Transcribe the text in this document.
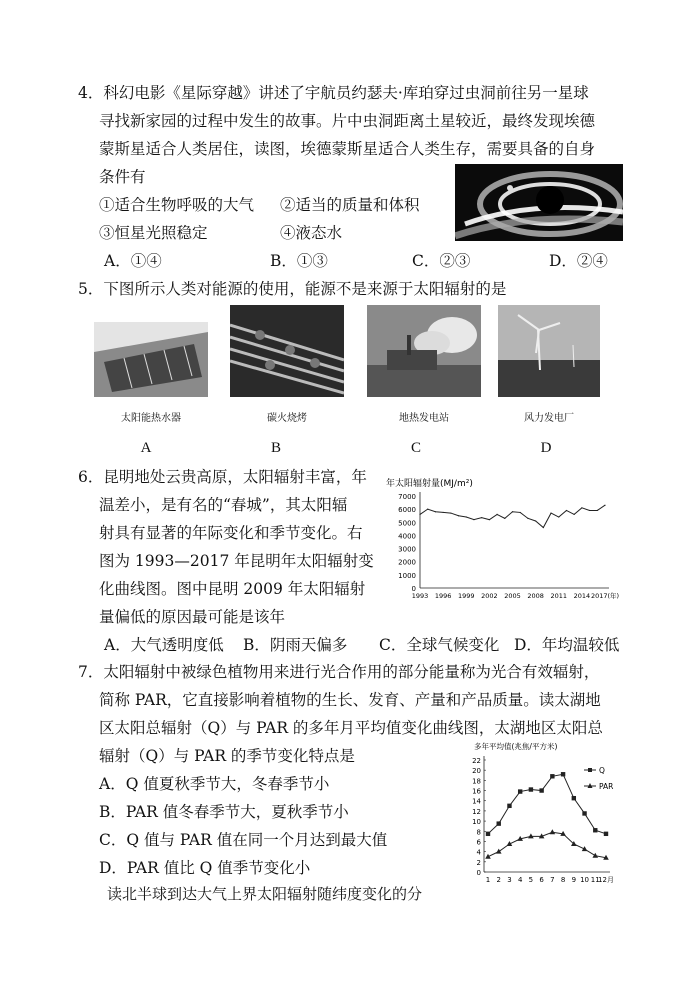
4．科幻电影《星际穿越》讲述了宇航员约瑟夫·库珀穿过虫洞前往另一星球
寻找新家园的过程中发生的故事。片中虫洞距离土星较近，最终发现埃德
蒙斯星适合人类居住，读图，埃德蒙斯星适合人类生存，需要具备的自身
条件有
①适合生物呼吸的大气 ②适当的质量和体积
③恒星光照稳定	④液态水
A．①④	B．①③	C．②③	D．②④
5．下图所示人类对能源的使用，能源不是来源于太阳辐射的是
太阳能热水器	碳火烧烤	地热发电站	风力发电厂
A	B	C	D
6．昆明地处云贵高原，太阳辐射丰富，年
温差小，是有名的“春城”，其太阳辐
射具有显著的年际变化和季节变化。右
图为 1993—2017 年昆明年太阳辐射变
化曲线图。图中昆明 2009 年太阳辐射
量偏低的原因最可能是该年
A．大气透明度低 B．阴雨天偏多 C．全球气候变化 D．年均温较低
年太阳辐射量(MJ/m²)
0
1000
2000
3000
4000
5000
6000
7000
1993 1996 1999 2002 2005 2008 2011 2014 2017(年)
7．太阳辐射中被绿色植物用来进行光合作用的部分能量称为光合有效辐射，
简称 PAR，它直接影响着植物的生长、发育、产量和产品质量。读太湖地
区太阳总辐射（Q）与 PAR 的多年月平均值变化曲线图，太湖地区太阳总
辐射（Q）与 PAR 的季节变化特点是
A．Q 值夏秋季节大，冬春季节小
B．PAR 值冬春季节大，夏秋季节小
C．Q 值与 PAR 值在同一个月达到最大值
D．PAR 值比 Q 值季节变化小
多年平均值(兆焦/平方米)
0
2
4
6
8
10
12
14
16
18
20
22
1 2 3 4 5 6 7 8 9 10 11
12月
Q
PAR
读北半球到达大气上界太阳辐射随纬度变化的分
